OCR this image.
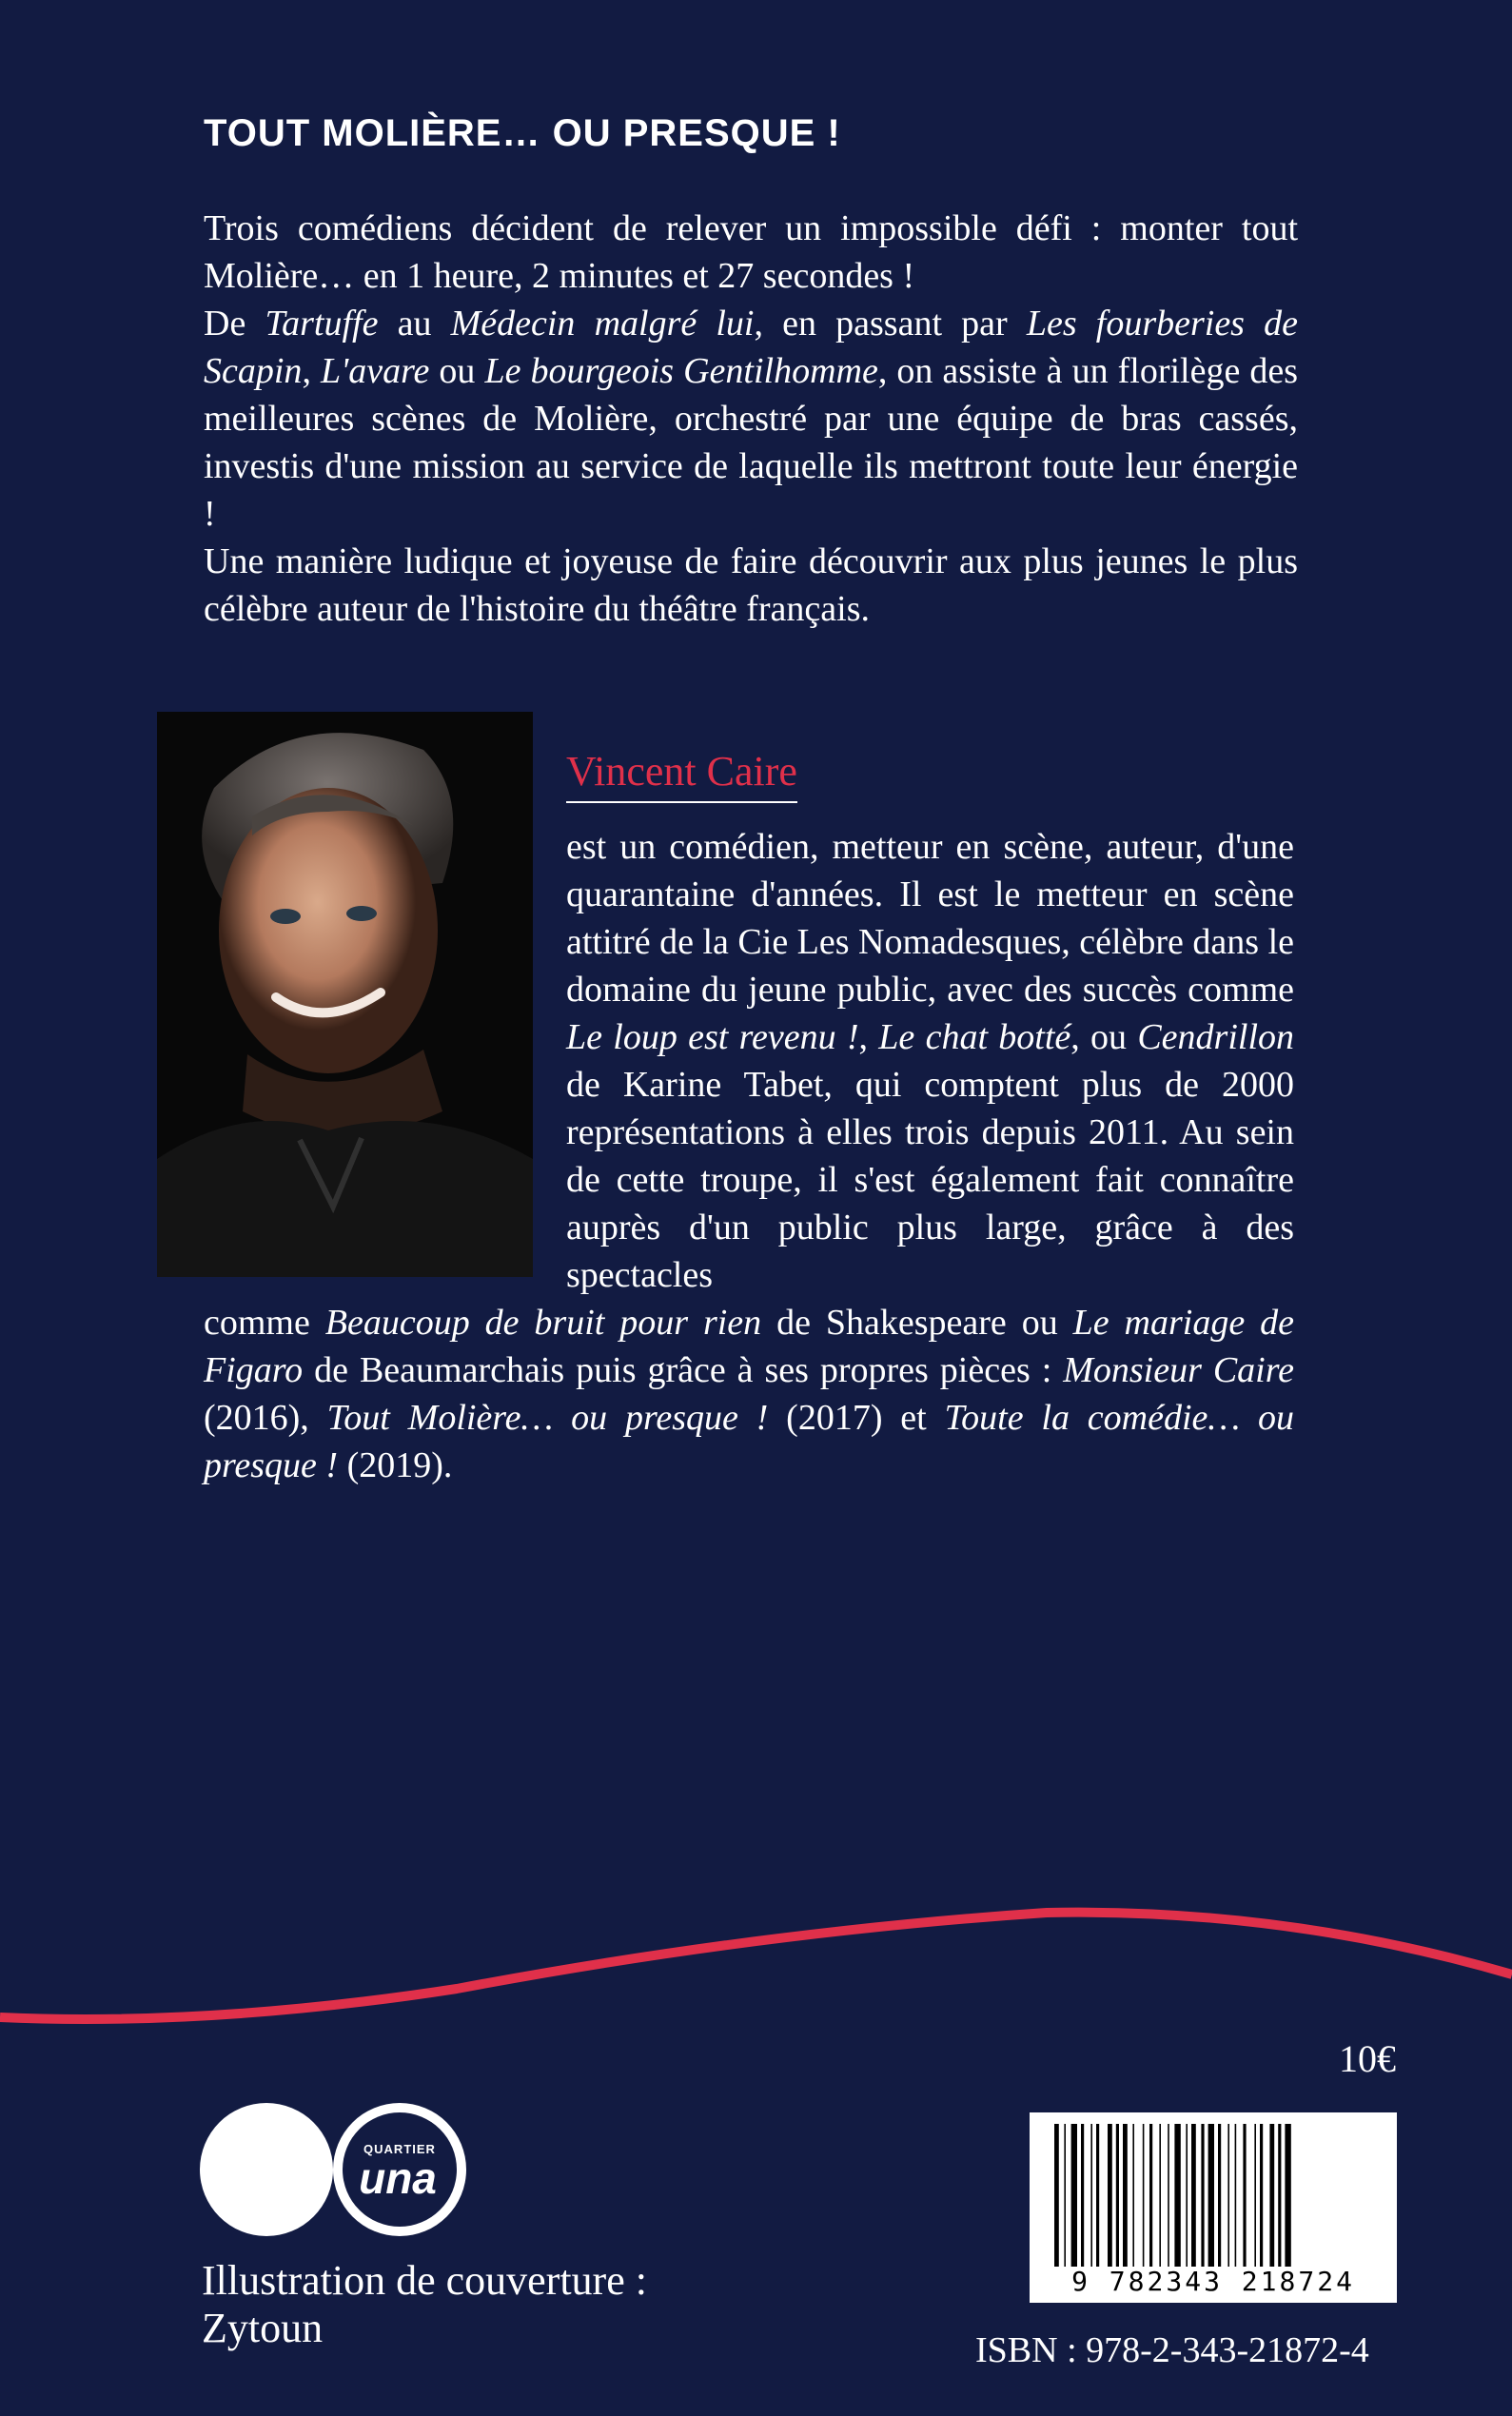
TOUT MOLIÈRE… OU PRESQUE !

Trois comédiens décident de relever un impossible défi : monter tout Molière… en 1 heure, 2 minutes et 27 secondes !

De Tartuffe au Médecin malgré lui, en passant par Les fourberies de Scapin, L'avare ou Le bourgeois Gentilhomme, on assiste à un florilège des meilleures scènes de Molière, orchestré par une équipe de bras cassés, investis d'une mission au service de laquelle ils mettront toute leur énergie !

Une manière ludique et joyeuse de faire découvrir aux plus jeunes le plus célèbre auteur de l'histoire du théâtre français.

Vincent Caire

est un comédien, metteur en scène, auteur, d'une quarantaine d'années. Il est le metteur en scène attitré de la Cie Les Nomadesques, célèbre dans le domaine du jeune public, avec des succès comme Le loup est revenu !, Le chat botté, ou Cendrillon de Karine Tabet, qui comptent plus de 2000 représentations à elles trois depuis 2011. Au sein de cette troupe, il s'est également fait connaître auprès d'un public plus large, grâce à des spectacles

comme Beaucoup de bruit pour rien de Shakespeare ou Le mariage de Figaro de Beaumarchais puis grâce à ses propres pièces : Monsieur Caire (2016), Tout Molière… ou presque ! (2017) et Toute la comédie… ou presque ! (2019).

10€
QUARTIER
una
Illustration de couverture :
Zytoun
9 782343 218724
ISBN : 978-2-343-21872-4
